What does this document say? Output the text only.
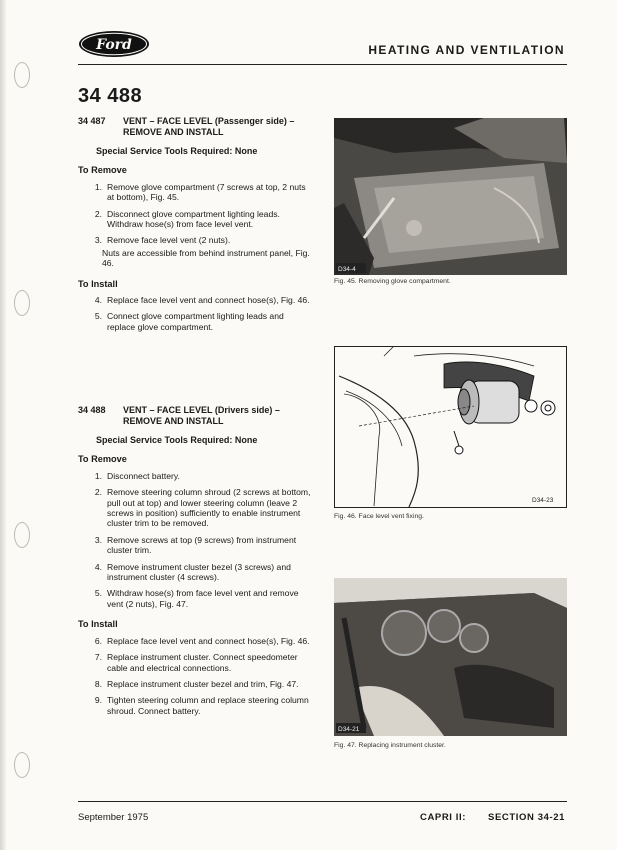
Ford	HEATING AND VENTILATION
34 488
34 487	VENT – FACE LEVEL (Passenger side) – REMOVE AND INSTALL
Special Service Tools Required: None
To Remove
1. Remove glove compartment (7 screws at top, 2 nuts at bottom), Fig. 45.
2. Disconnect glove compartment lighting leads. Withdraw hose(s) from face level vent.
3. Remove face level vent (2 nuts).
Nuts are accessible from behind instrument panel, Fig. 46.
To Install
4. Replace face level vent and connect hose(s), Fig. 46.
5. Connect glove compartment lighting leads and replace glove compartment.
34 488	VENT – FACE LEVEL (Drivers side) – REMOVE AND INSTALL
Special Service Tools Required: None
To Remove
1. Disconnect battery.
2. Remove steering column shroud (2 screws at bottom, pull out at top) and lower steering column (leave 2 screws in position) sufficiently to enable instrument cluster trim to be removed.
3. Remove screws at top (9 screws) from instrument cluster trim.
4. Remove instrument cluster bezel (3 screws) and instrument cluster (4 screws).
5. Withdraw hose(s) from face level vent and remove vent (2 nuts), Fig. 47.
To Install
6. Replace face level vent and connect hose(s), Fig. 46.
7. Replace instrument cluster. Connect speedometer cable and electrical connections.
8. Replace instrument cluster bezel and trim, Fig. 47.
9. Tighten steering column and replace steering column shroud. Connect battery.
D34-4
Fig. 45. Removing glove compartment.
D34-23
Fig. 46. Face level vent fixing.
D34-21
Fig. 47. Replacing instrument cluster.
September 1975	CAPRI II: SECTION 34-21
